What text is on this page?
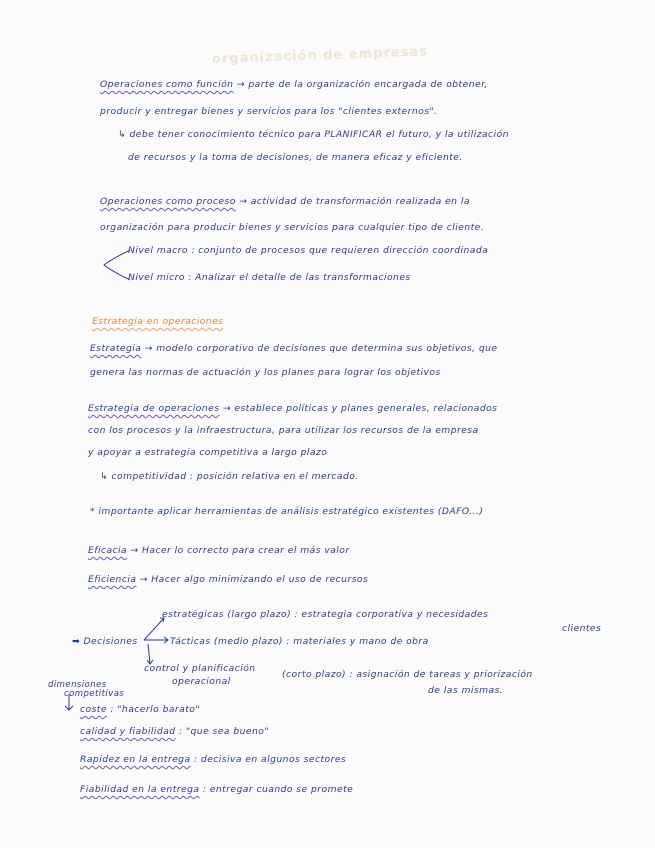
organización de empresas
Operaciones como función → parte de la organización encargada de obtener,
producir y entregar bienes y servicios para los "clientes externos".
↳ debe tener conocimiento técnico para PLANIFICAR el futuro, y la utilización
de recursos y la toma de decisiones, de manera eficaz y eficiente.
Operaciones como proceso → actividad de transformación realizada en la
organización para producir bienes y servicios para cualquier tipo de cliente.
Nivel macro : conjunto de procesos que requieren dirección coordinada
Nivel micro : Analizar el detalle de las transformaciones
Estrategia en operaciones
Estrategia → modelo corporativo de decisiones que determina sus objetivos, que
genera las normas de actuación y los planes para lograr los objetivos
Estrategia de operaciones → establece políticas y planes generales, relacionados
con los procesos y la infraestructura, para utilizar los recursos de la empresa
y apoyar a estrategia competitiva a largo plazo
↳ competitividad : posición relativa en el mercado.
* importante aplicar herramientas de análisis estratégico existentes (DAFO...)
Eficacia → Hacer lo correcto para crear el más valor
Eficiencia → Hacer algo minimizando el uso de recursos
estratégicas (largo plazo) : estrategia corporativa y necesidades
clientes
➡ Decisiones	Tácticas (medio plazo) : materiales y mano de obra
control y planificación
operacional
(corto plazo) : asignación de tareas y priorización
de las mismas.
dimensiones
competitivas
coste : "hacerlo barato"
calidad y fiabilidad : "que sea bueno"
Rapidez en la entrega : decisiva en algunos sectores
Fiabilidad en la entrega : entregar cuando se promete
